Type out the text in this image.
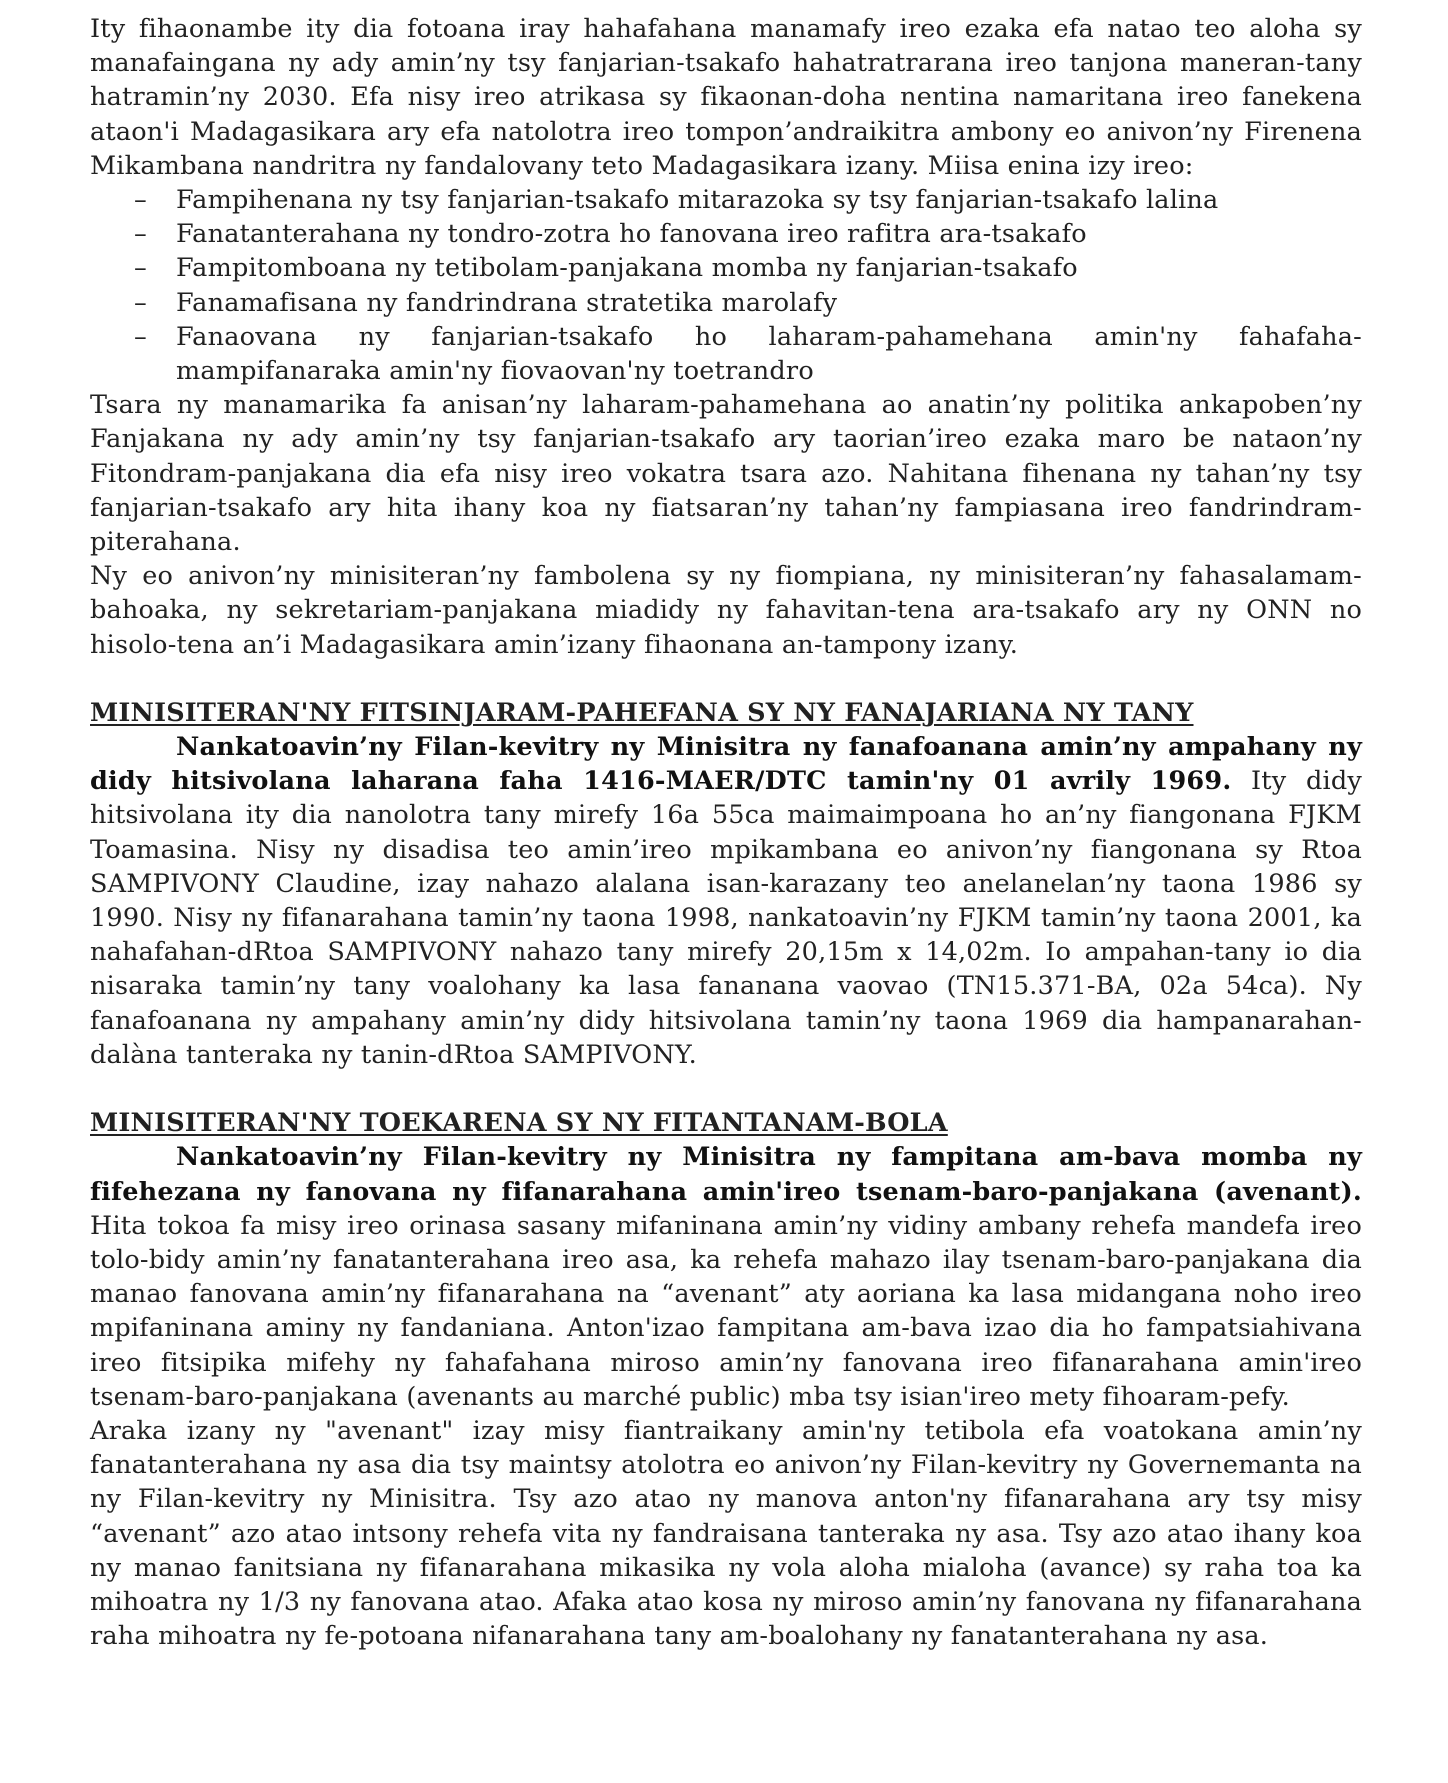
Ity fihaonambe ity dia fotoana iray hahafahana manamafy ireo ezaka efa natao teo aloha sy manafaingana ny ady amin’ny tsy fanjarian-tsakafo hahatratrarana ireo tanjona maneran-tany hatramin’ny 2030. Efa nisy ireo atrikasa sy fikaonan-doha nentina namaritana ireo fanekena ataon'i Madagasikara ary efa natolotra ireo tompon’andraikitra ambony eo anivon’ny Firenena Mikambana nandritra ny fandalovany teto Madagasikara izany. Miisa enina izy ireo:

– Fampihenana ny tsy fanjarian-tsakafo mitarazoka sy tsy fanjarian-tsakafo lalina
– Fanatanterahana ny tondro-zotra ho fanovana ireo rafitra ara-tsakafo
– Fampitomboana ny tetibolam-panjakana momba ny fanjarian-tsakafo
– Fanamafisana ny fandrindrana stratetika marolafy
– Fanaovana ny fanjarian-tsakafo ho laharam-pahamehana amin'ny fahafaha-mampifanaraka amin'ny fiovaovan'ny toetrandro

Tsara ny manamarika fa anisan’ny laharam-pahamehana ao anatin’ny politika ankapoben’ny Fanjakana ny ady amin’ny tsy fanjarian-tsakafo ary taorian’ireo ezaka maro be nataon’ny Fitondram-panjakana dia efa nisy ireo vokatra tsara azo. Nahitana fihenana ny tahan’ny tsy fanjarian-tsakafo ary hita ihany koa ny fiatsaran’ny tahan’ny fampiasana ireo fandrindram-piterahana.

Ny eo anivon’ny minisiteran’ny fambolena sy ny fiompiana, ny minisiteran’ny fahasalamam-bahoaka, ny sekretariam-panjakana miadidy ny fahavitan-tena ara-tsakafo ary ny ONN no hisolo-tena an’i Madagasikara amin’izany fihaonana an-tampony izany.

MINISITERAN'NY FITSINJARAM-PAHEFANA SY NY FANAJARIANA NY TANY

Nankatoavin’ny Filan-kevitry ny Minisitra ny fanafoanana amin’ny ampahany ny didy hitsivolana laharana faha 1416-MAER/DTC tamin'ny 01 avrily 1969. Ity didy hitsivolana ity dia nanolotra tany mirefy 16a 55ca maimaimpoana ho an’ny fiangonana FJKM Toamasina. Nisy ny disadisa teo amin’ireo mpikambana eo anivon’ny fiangonana sy Rtoa SAMPIVONY Claudine, izay nahazo alalana isan-karazany teo anelanelan’ny taona 1986 sy 1990. Nisy ny fifanarahana tamin’ny taona 1998, nankatoavin’ny FJKM tamin’ny taona 2001, ka nahafahan-dRtoa SAMPIVONY nahazo tany mirefy 20,15m x 14,02m. Io ampahan-tany io dia nisaraka tamin’ny tany voalohany ka lasa fananana vaovao (TN15.371-BA, 02a 54ca). Ny fanafoanana ny ampahany amin’ny didy hitsivolana tamin’ny taona 1969 dia hampanarahan-dalàna tanteraka ny tanin-dRtoa SAMPIVONY.

MINISITERAN'NY TOEKARENA SY NY FITANTANAM-BOLA

Nankatoavin’ny Filan-kevitry ny Minisitra ny fampitana am-bava momba ny fifehezana ny fanovana ny fifanarahana amin'ireo tsenam-baro-panjakana (avenant). Hita tokoa fa misy ireo orinasa sasany mifaninana amin’ny vidiny ambany rehefa mandefa ireo tolo-bidy amin’ny fanatanterahana ireo asa, ka rehefa mahazo ilay tsenam-baro-panjakana dia manao fanovana amin’ny fifanarahana na “avenant” aty aoriana ka lasa midangana noho ireo mpifaninana aminy ny fandaniana. Anton'izao fampitana am-bava izao dia ho fampatsiahivana ireo fitsipika mifehy ny fahafahana miroso amin’ny fanovana ireo fifanarahana amin'ireo tsenam-baro-panjakana (avenants au marché public) mba tsy isian'ireo mety fihoaram-pefy.

Araka izany ny "avenant" izay misy fiantraikany amin'ny tetibola efa voatokana amin’ny fanatanterahana ny asa dia tsy maintsy atolotra eo anivon’ny Filan-kevitry ny Governemanta na ny Filan-kevitry ny Minisitra. Tsy azo atao ny manova anton'ny fifanarahana ary tsy misy “avenant” azo atao intsony rehefa vita ny fandraisana tanteraka ny asa. Tsy azo atao ihany koa ny manao fanitsiana ny fifanarahana mikasika ny vola aloha mialoha (avance) sy raha toa ka mihoatra ny 1/3 ny fanovana atao. Afaka atao kosa ny miroso amin’ny fanovana ny fifanarahana raha mihoatra ny fe-potoana nifanarahana tany am-boalohany ny fanatanterahana ny asa.
